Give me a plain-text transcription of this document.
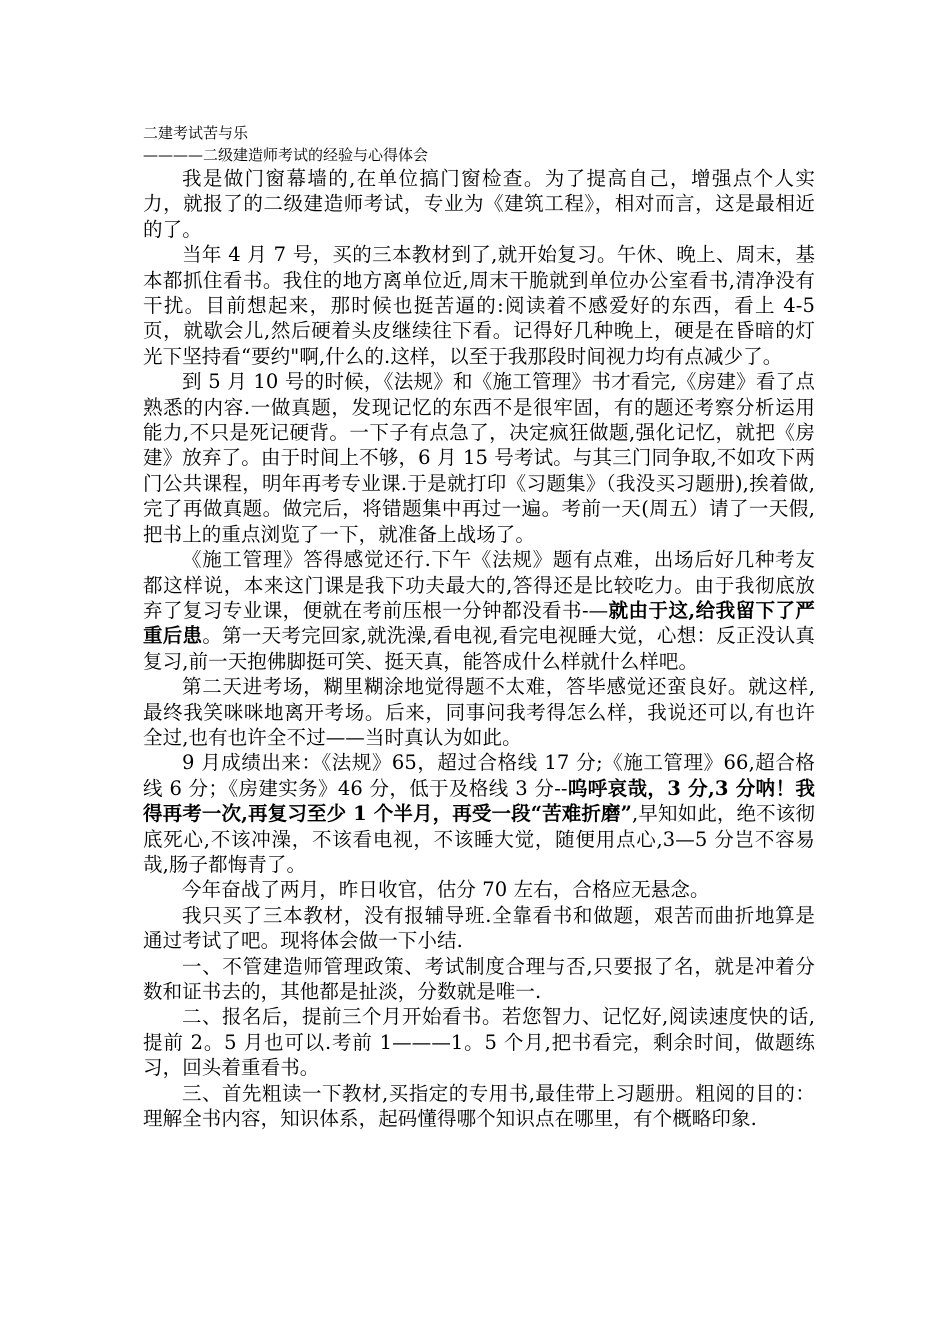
二建考试苦与乐

————二级建造师考试的经验与心得体会

我是做门窗幕墙的,在单位搞门窗检查。为了提高自己，增强点个人实力，就报了的二级建造师考试，专业为《建筑工程》，相对而言，这是最相近的了。

当年 4 月 7 号，买的三本教材到了,就开始复习。午休、晚上、周末，基本都抓住看书。我住的地方离单位近,周末干脆就到单位办公室看书,清净没有干扰。目前想起来，那时候也挺苦逼的:阅读着不感爱好的东西，看上 4-5 页，就歇会儿,然后硬着头皮继续往下看。记得好几种晚上，硬是在昏暗的灯光下坚持看“要约"啊,什么的.这样，以至于我那段时间视力均有点减少了。

到 5 月 10 号的时候，《法规》和《施工管理》书才看完,《房建》看了点熟悉的内容.一做真题，发现记忆的东西不是很牢固，有的题还考察分析运用能力,不只是死记硬背。一下子有点急了，决定疯狂做题,强化记忆，就把《房建》放弃了。由于时间上不够，6 月 15 号考试。与其三门同争取,不如攻下两门公共课程，明年再考专业课.于是就打印《习题集》（我没买习题册),挨着做,完了再做真题。做完后，将错题集中再过一遍。考前一天(周五）请了一天假,把书上的重点浏览了一下，就准备上战场了。

《施工管理》答得感觉还行.下午《法规》题有点难，出场后好几种考友都这样说，本来这门课是我下功夫最大的,答得还是比较吃力。由于我彻底放弃了复习专业课，便就在考前压根一分钟都没看书-—就由于这,给我留下了严重后患。第一天考完回家,就洗澡,看电视,看完电视睡大觉，心想：反正没认真复习,前一天抱佛脚挺可笑、挺天真，能答成什么样就什么样吧。

第二天进考场，糊里糊涂地觉得题不太难，答毕感觉还蛮良好。就这样,最终我笑咪咪地离开考场。后来，同事问我考得怎么样，我说还可以,有也许全过,也有也许全不过——当时真认为如此。

9 月成绩出来：《法规》65，超过合格线 17 分;《施工管理》66,超合格线 6 分；《房建实务》46 分，低于及格线 3 分--呜呼哀哉，3 分,3 分呐！我得再考一次,再复习至少 1 个半月，再受一段“苦难折磨”,早知如此，绝不该彻底死心,不该冲澡，不该看电视，不该睡大觉，随便用点心,3—5 分岂不容易哉,肠子都悔青了。

今年奋战了两月，昨日收官，估分 70 左右，合格应无悬念。

我只买了三本教材，没有报辅导班.全靠看书和做题，艰苦而曲折地算是通过考试了吧。现将体会做一下小结.

一、不管建造师管理政策、考试制度合理与否,只要报了名，就是冲着分数和证书去的，其他都是扯淡，分数就是唯一.

二、报名后，提前三个月开始看书。若您智力、记忆好,阅读速度快的话,提前 2。5 月也可以.考前 1———1。5 个月,把书看完，剩余时间，做题练习，回头着重看书。

三、首先粗读一下教材,买指定的专用书,最佳带上习题册。粗阅的目的：理解全书内容，知识体系，起码懂得哪个知识点在哪里，有个概略印象.
